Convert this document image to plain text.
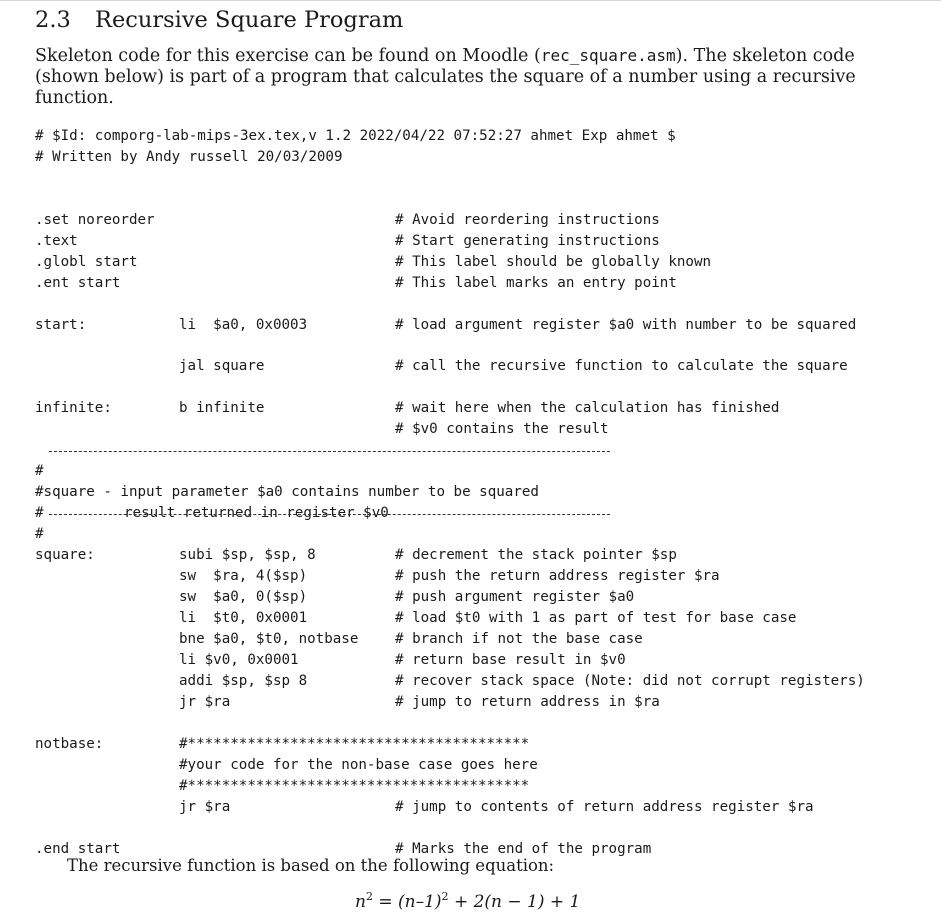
2.3 Recursive Square Program
Skeleton code for this exercise can be found on Moodle (rec_square.asm). The skeleton code (shown below) is part of a program that calculates the square of a number using a recursive function.
# $Id: comporg-lab-mips-3ex.tex,v 1.2 2022/04/22 07:52:27 ahmet Exp ahmet $
# Written by Andy russell 20/03/2009

.set noreorder	# Avoid reordering instructions

.text	# Start generating instructions

.globl start	# This label should be globally known

.ent start	# This label marks an entry point

start:	li  $a0, 0x0003	# load argument register $a0 with number to be squared

jal square	# call the recursive function to calculate the square

infinite:	b infinite	# wait here when the calculation has finished

# $v0 contains the result

#

#square - input parameter $a0 contains number to be squared

#	result returned in register $v0

#

square:	subi $sp, $sp, 8	# decrement the stack pointer $sp

sw  $ra, 4($sp)	# push the return address register $ra

sw  $a0, 0($sp)	# push argument register $a0

li  $t0, 0x0001	# load $t0 with 1 as part of test for base case

bne $a0, $t0, notbase	# branch if not the base case

li $v0, 0x0001	# return base result in $v0

addi $sp, $sp 8	# recover stack space (Note: did not corrupt registers)

jr $ra	# jump to return address in $ra

notbase:	#****************************************

#your code for the non-base case goes here

#****************************************

jr $ra	# jump to contents of return address register $ra

.end start	# Marks the end of the program

The recursive function is based on the following equation:
$n^2 = (n-1)^2 + 2(n - 1) + 1$
